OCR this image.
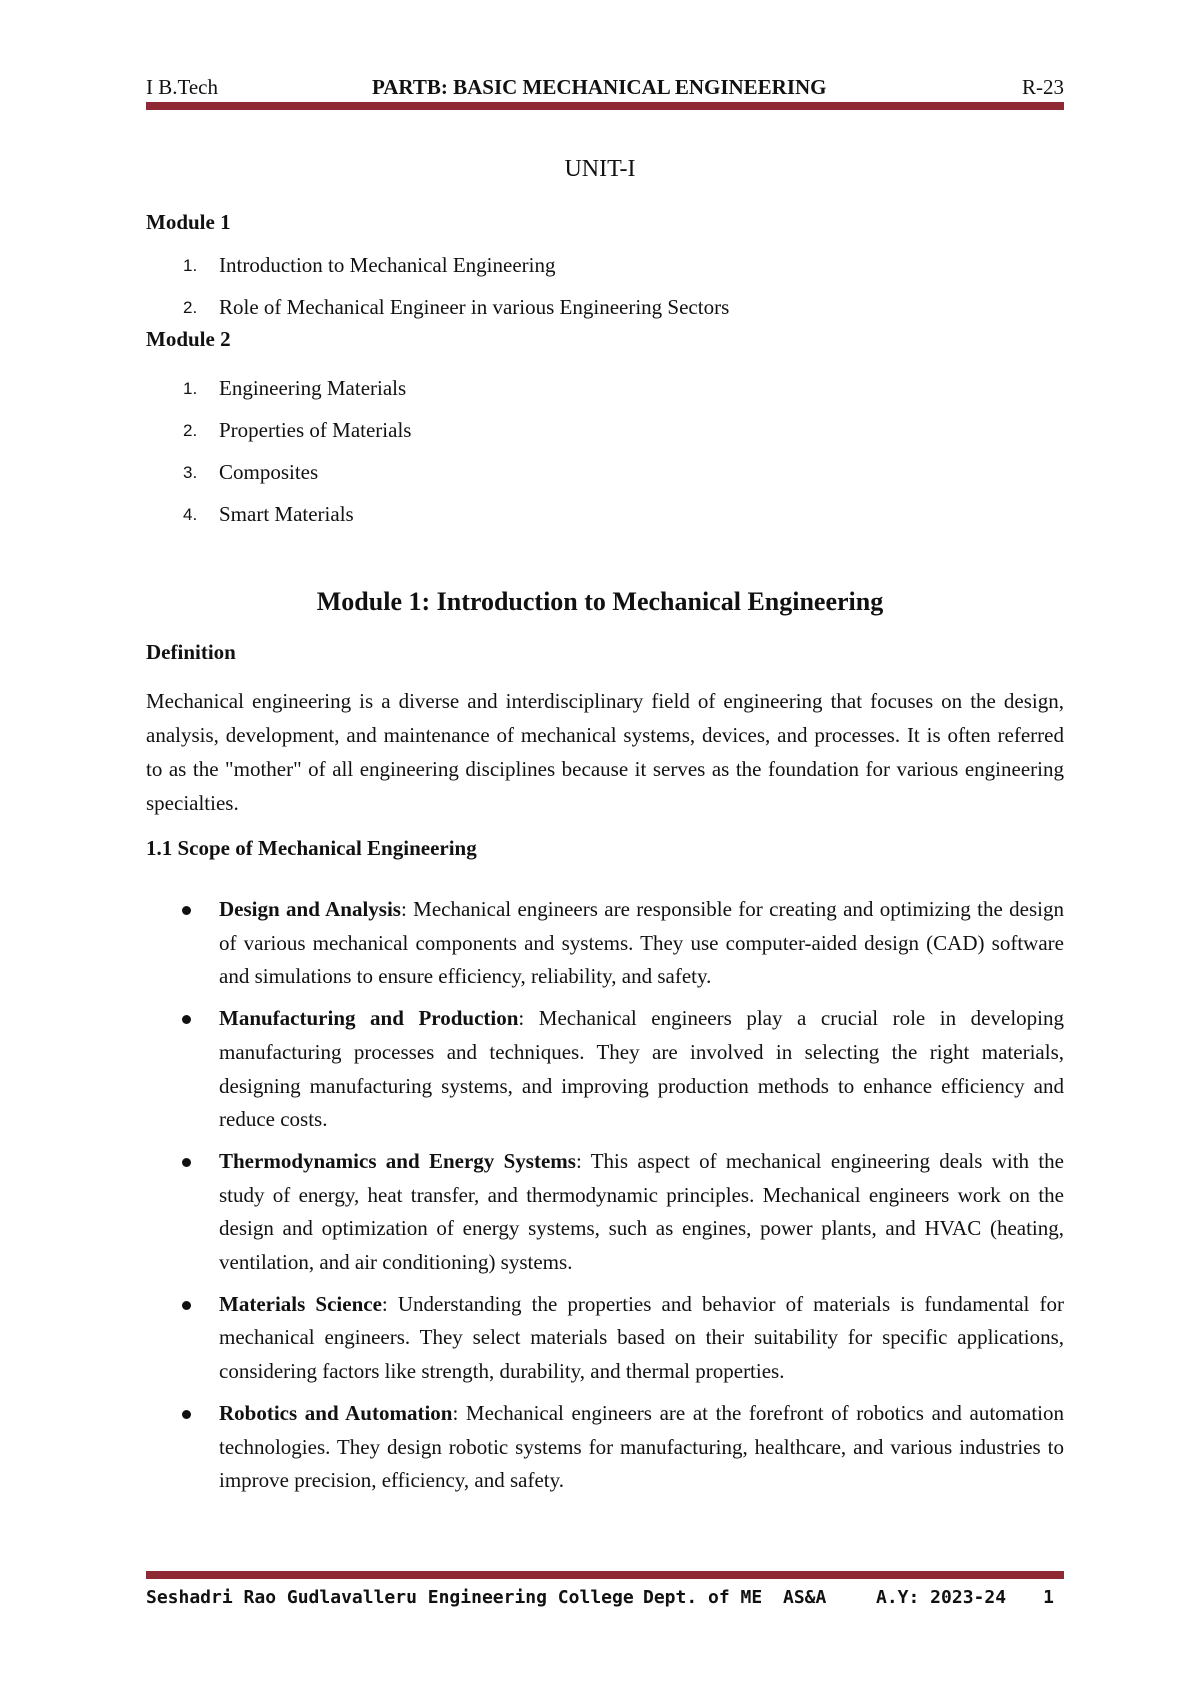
I B.Tech	PARTB: BASIC MECHANICAL ENGINEERING	R-23
UNIT-I
Module 1
1. Introduction to Mechanical Engineering
2. Role of Mechanical Engineer in various Engineering Sectors
Module 2
1. Engineering Materials
2. Properties of Materials
3. Composites
4. Smart Materials
Module 1: Introduction to Mechanical Engineering
Definition
Mechanical engineering is a diverse and interdisciplinary field of engineering that focuses on the design, analysis, development, and maintenance of mechanical systems, devices, and processes. It is often referred to as the "mother" of all engineering disciplines because it serves as the foundation for various engineering specialties.
1.1 Scope of Mechanical Engineering
Design and Analysis: Mechanical engineers are responsible for creating and optimizing the design of various mechanical components and systems. They use computer-aided design (CAD) software and simulations to ensure efficiency, reliability, and safety.
Manufacturing and Production: Mechanical engineers play a crucial role in developing manufacturing processes and techniques. They are involved in selecting the right materials, designing manufacturing systems, and improving production methods to enhance efficiency and reduce costs.
Thermodynamics and Energy Systems: This aspect of mechanical engineering deals with the study of energy, heat transfer, and thermodynamic principles. Mechanical engineers work on the design and optimization of energy systems, such as engines, power plants, and HVAC (heating, ventilation, and air conditioning) systems.
Materials Science: Understanding the properties and behavior of materials is fundamental for mechanical engineers. They select materials based on their suitability for specific applications, considering factors like strength, durability, and thermal properties.
Robotics and Automation: Mechanical engineers are at the forefront of robotics and automation technologies. They design robotic systems for manufacturing, healthcare, and various industries to improve precision, efficiency, and safety.
Seshadri Rao Gudlavalleru Engineering College Dept. of ME AS&A	A.Y: 2023-24 1
